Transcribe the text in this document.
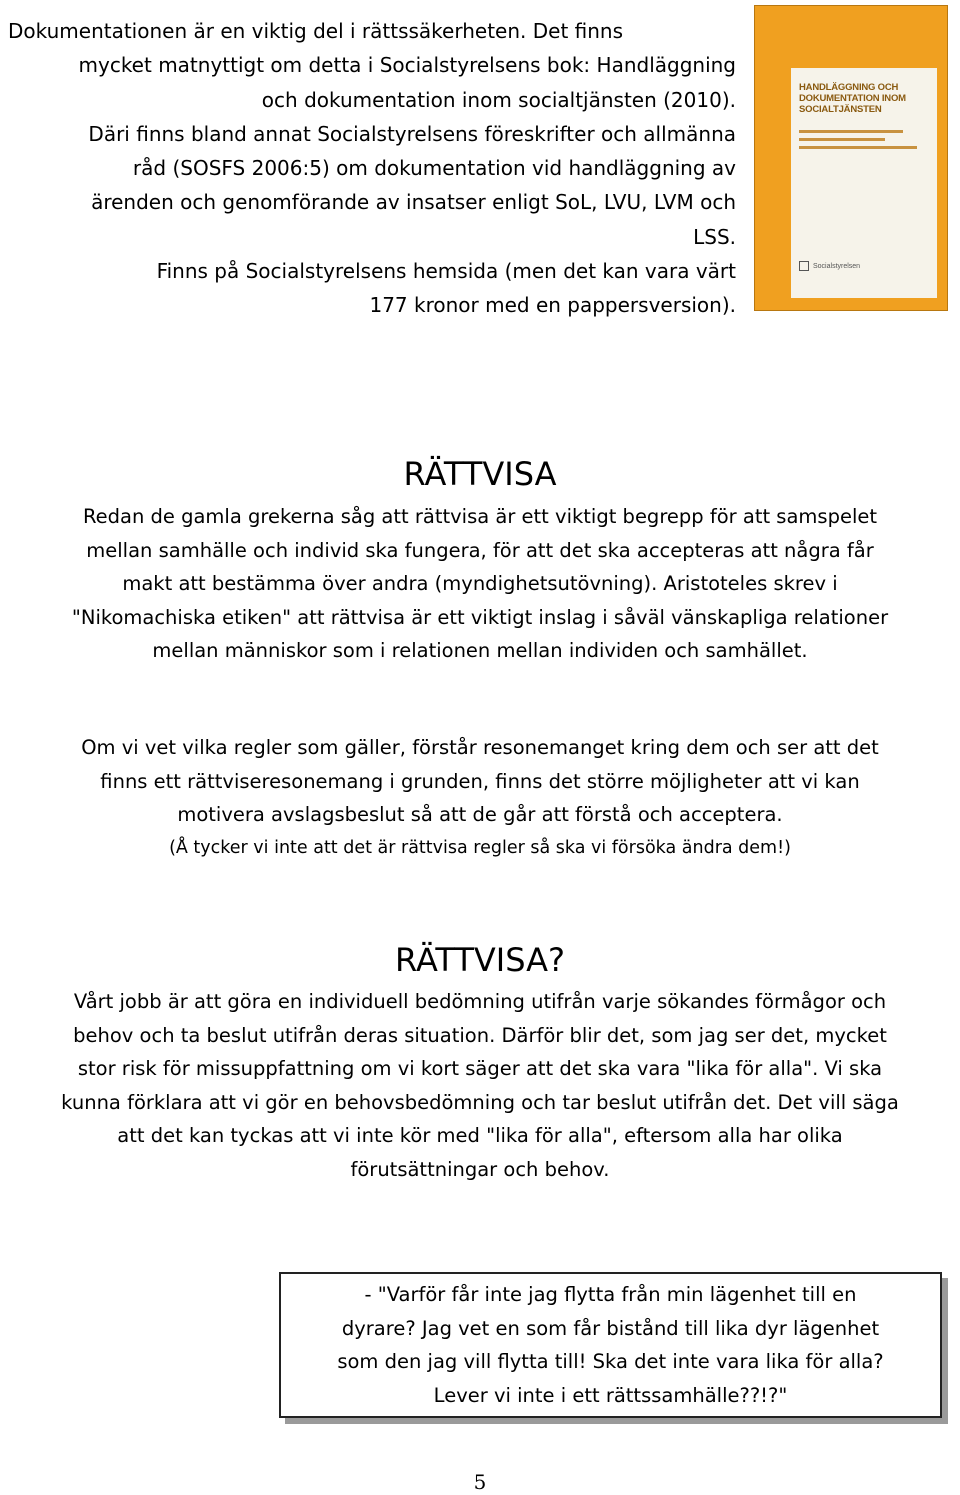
Dokumentationen är en viktig del i rättssäkerheten. Det finns
mycket matnyttigt om detta i Socialstyrelsens bok: Handläggning
och dokumentation inom socialtjänsten (2010).
Däri finns bland annat Socialstyrelsens föreskrifter och allmänna
råd (SOSFS 2006:5) om dokumentation vid handläggning av
ärenden och genomförande av insatser enligt SoL, LVU, LVM och
LSS.
Finns på Socialstyrelsens hemsida (men det kan vara värt
177 kronor med en pappersversion).
HANDLÄGGNING OCH DOKUMENTATION INOM SOCIALTJÄNSTEN
Socialstyrelsen
RÄTTVISA
Redan de gamla grekerna såg att rättvisa är ett viktigt begrepp för att samspelet
mellan samhälle och individ ska fungera, för att det ska accepteras att några får
makt att bestämma över andra (myndighetsutövning). Aristoteles skrev i
"Nikomachiska etiken" att rättvisa är ett viktigt inslag i såväl vänskapliga relationer
mellan människor som i relationen mellan individen och samhället.
Om vi vet vilka regler som gäller, förstår resonemanget kring dem och ser att det
finns ett rättviseresonemang i grunden, finns det större möjligheter att vi kan
motivera avslagsbeslut så att de går att förstå och acceptera.
(Å tycker vi inte att det är rättvisa regler så ska vi försöka ändra dem!)
RÄTTVISA?
Vårt jobb är att göra en individuell bedömning utifrån varje sökandes förmågor och
behov och ta beslut utifrån deras situation. Därför blir det, som jag ser det, mycket
stor risk för missuppfattning om vi kort säger att det ska vara "lika för alla". Vi ska
kunna förklara att vi gör en behovsbedömning och tar beslut utifrån det. Det vill säga
att det kan tyckas att vi inte kör med "lika för alla", eftersom alla har olika
förutsättningar och behov.
- "Varför får inte jag flytta från min lägenhet till en
dyrare? Jag vet en som får bistånd till lika dyr lägenhet
som den jag vill flytta till! Ska det inte vara lika för alla?
Lever vi inte i ett rättssamhälle??!?"
5
